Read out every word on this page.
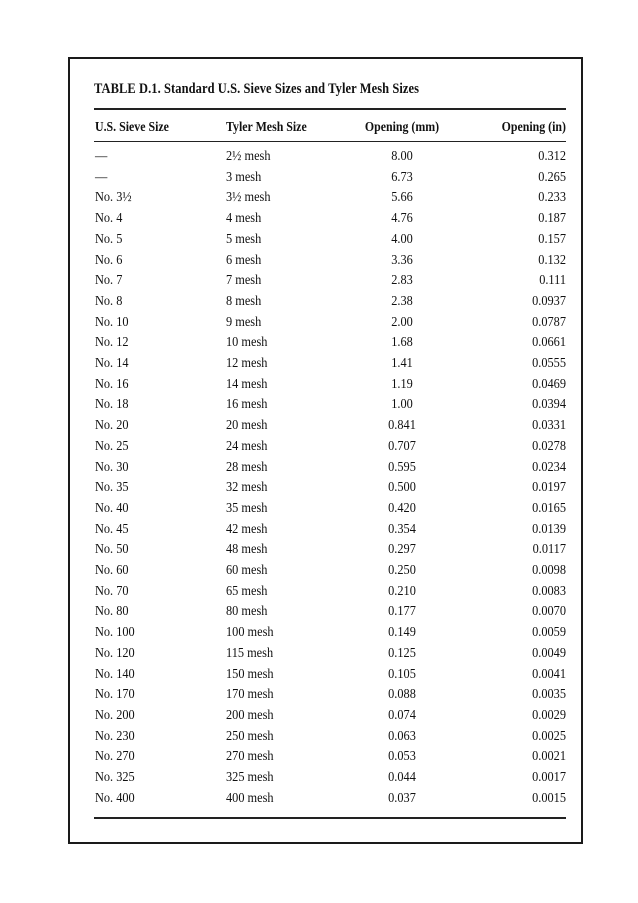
TABLE D.1. Standard U.S. Sieve Sizes and Tyler Mesh Sizes
U.S. Sieve Size	Tyler Mesh Size	Opening (mm)	Opening (in)
—	2½ mesh	8.00	0.312
—	3 mesh	6.73	0.265
No. 3½	3½ mesh	5.66	0.233
No. 4	4 mesh	4.76	0.187
No. 5	5 mesh	4.00	0.157
No. 6	6 mesh	3.36	0.132
No. 7	7 mesh	2.83	0.111
No. 8	8 mesh	2.38	0.0937
No. 10	9 mesh	2.00	0.0787
No. 12	10 mesh	1.68	0.0661
No. 14	12 mesh	1.41	0.0555
No. 16	14 mesh	1.19	0.0469
No. 18	16 mesh	1.00	0.0394
No. 20	20 mesh	0.841	0.0331
No. 25	24 mesh	0.707	0.0278
No. 30	28 mesh	0.595	0.0234
No. 35	32 mesh	0.500	0.0197
No. 40	35 mesh	0.420	0.0165
No. 45	42 mesh	0.354	0.0139
No. 50	48 mesh	0.297	0.0117
No. 60	60 mesh	0.250	0.0098
No. 70	65 mesh	0.210	0.0083
No. 80	80 mesh	0.177	0.0070
No. 100	100 mesh	0.149	0.0059
No. 120	115 mesh	0.125	0.0049
No. 140	150 mesh	0.105	0.0041
No. 170	170 mesh	0.088	0.0035
No. 200	200 mesh	0.074	0.0029
No. 230	250 mesh	0.063	0.0025
No. 270	270 mesh	0.053	0.0021
No. 325	325 mesh	0.044	0.0017
No. 400	400 mesh	0.037	0.0015
